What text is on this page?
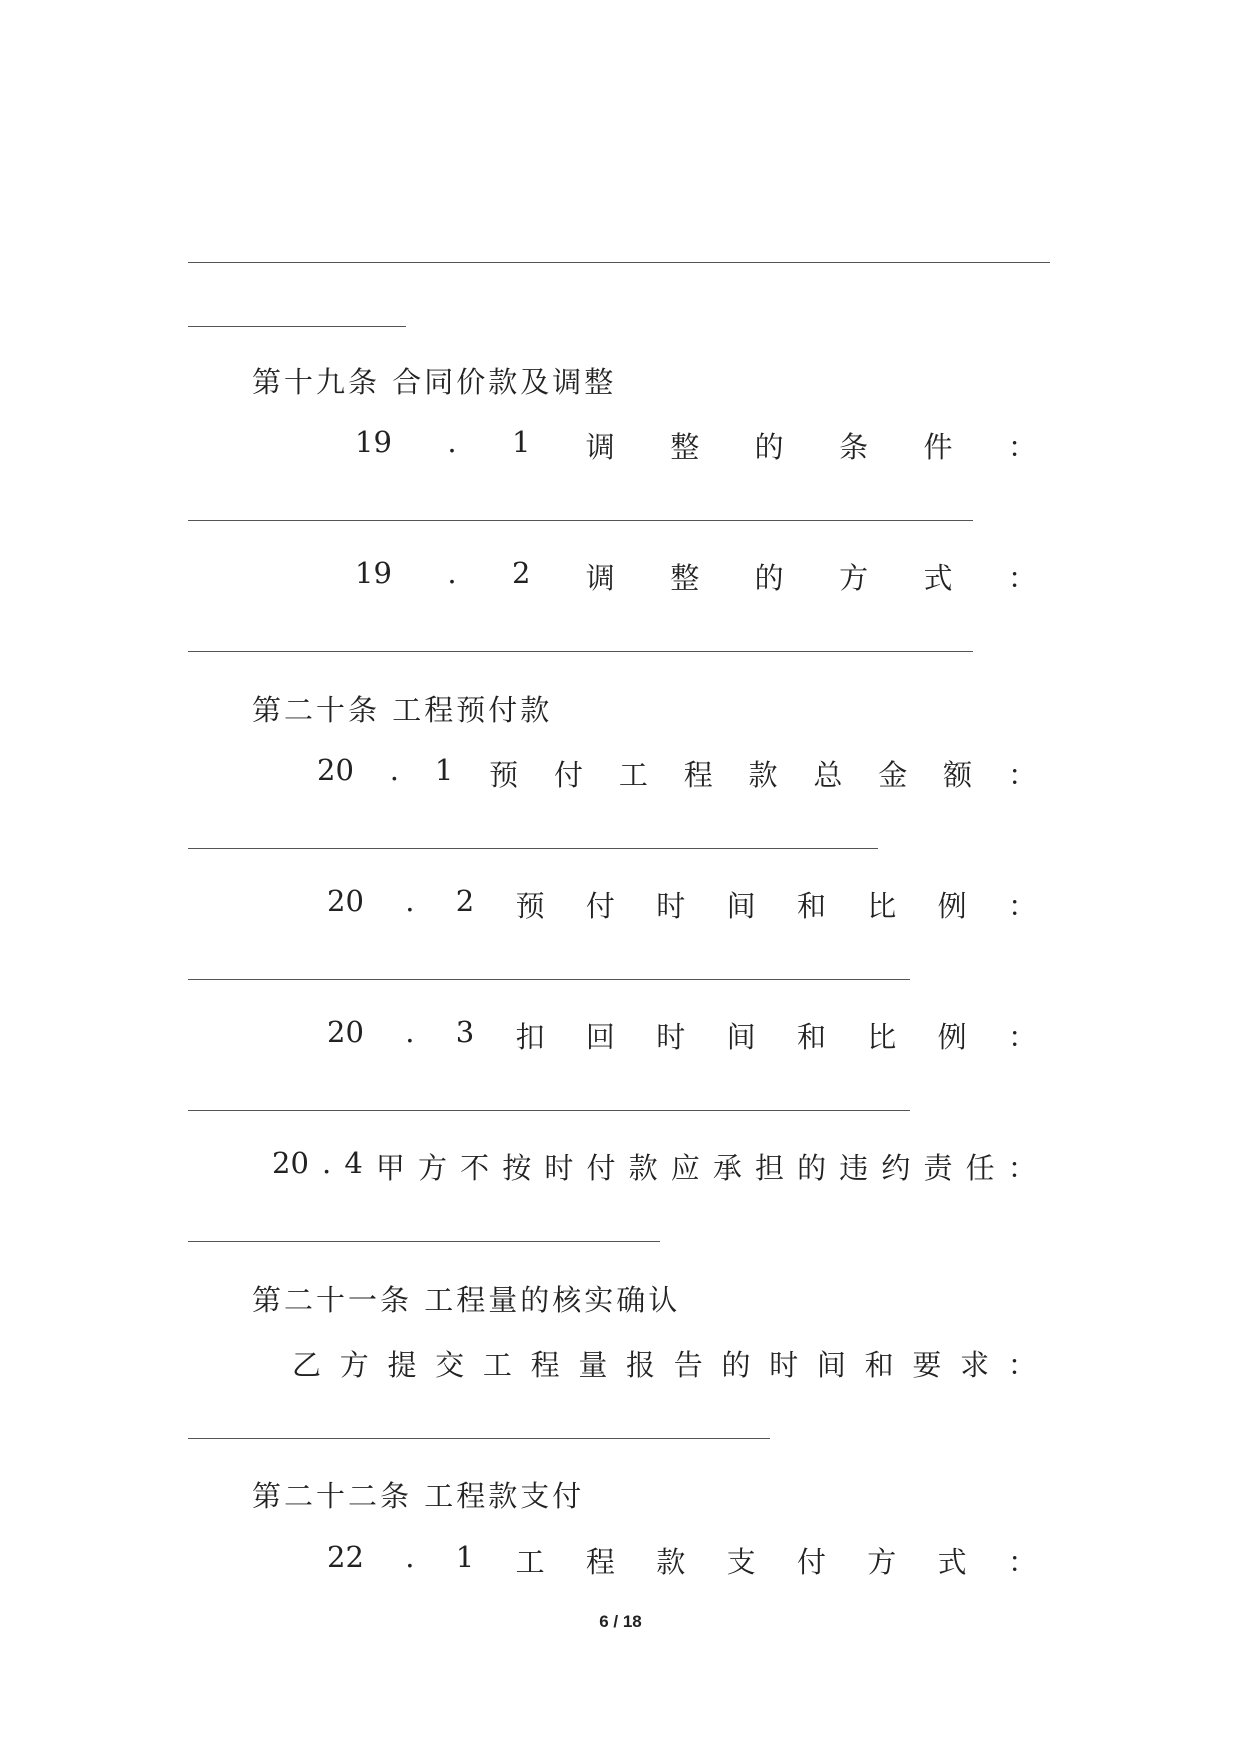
第十九条 合同价款及调整
19 . 1 调 整 的 条 件 ：
19 . 2 调 整 的 方 式 ：
第二十条 工程预付款
20 . 1 预 付 工 程 款 总 金 额 ：
20 . 2 预 付 时 间 和 比 例 ：
20 . 3 扣 回 时 间 和 比 例 ：
20 . 4 甲 方 不 按 时 付 款 应 承 担 的 违 约 责 任 ：
第二十一条 工程量的核实确认
乙 方 提 交 工 程 量 报 告 的 时 间 和 要 求 ：
第二十二条 工程款支付
22 . 1 工 程 款 支 付 方 式 ：
6 / 18
